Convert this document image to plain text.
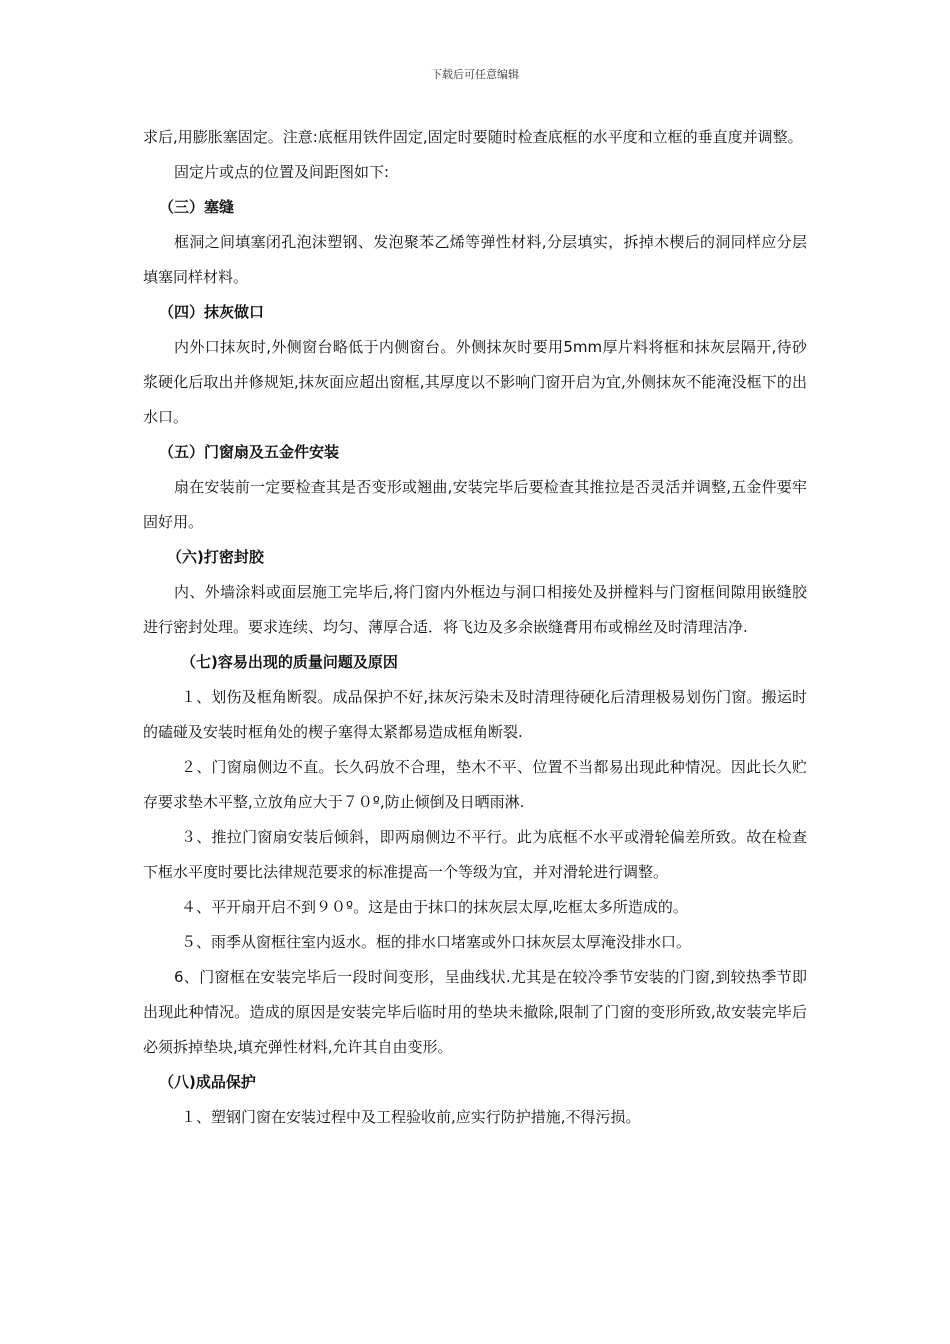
下载后可任意编辑

求后,用膨胀塞固定。注意:底框用铁件固定,固定时要随时检查底框的水平度和立框的垂直度并调整。

固定片或点的位置及间距图如下:

（三）塞缝

框洞之间填塞闭孔泡沫塑钢、发泡聚苯乙烯等弹性材料,分层填实，拆掉木楔后的洞同样应分层填塞同样材料。

（四）抹灰做口

内外口抹灰时,外侧窗台略低于内侧窗台。外侧抹灰时要用5mm厚片料将框和抹灰层隔开,待砂浆硬化后取出并修规矩,抹灰面应超出窗框,其厚度以不影响门窗开启为宜,外侧抹灰不能淹没框下的出水口。

（五）门窗扇及五金件安装

扇在安装前一定要检查其是否变形或翘曲,安装完毕后要检查其推拉是否灵活并调整,五金件要牢固好用。

（六)打密封胶

内、外墙涂料或面层施工完毕后,将门窗内外框边与洞口相接处及拼樘料与门窗框间隙用嵌缝胶进行密封处理。要求连续、均匀、薄厚合适．将飞边及多余嵌缝膏用布或棉丝及时清理洁净.

（七)容易出现的质量问题及原因

１、划伤及框角断裂。成品保护不好,抹灰污染未及时清理待硬化后清理极易划伤门窗。搬运时的磕碰及安装时框角处的楔子塞得太紧都易造成框角断裂.

２、门窗扇侧边不直。长久码放不合理，垫木不平、位置不当都易出现此种情况。因此长久贮存要求垫木平整,立放角应大于７０º,防止倾倒及日晒雨淋.

３、推拉门窗扇安装后倾斜，即两扇侧边不平行。此为底框不水平或滑轮偏差所致。故在检查下框水平度时要比法律规范要求的标准提高一个等级为宜，并对滑轮进行调整。

４、平开扇开启不到９０º。这是由于抹口的抹灰层太厚,吃框太多所造成的。

５、雨季从窗框往室内返水。框的排水口堵塞或外口抹灰层太厚淹没排水口。

6、门窗框在安装完毕后一段时间变形，呈曲线状.尤其是在较冷季节安装的门窗,到较热季节即出现此种情况。造成的原因是安装完毕后临时用的垫块未撤除,限制了门窗的变形所致,故安装完毕后必须拆掉垫块,填充弹性材料,允许其自由变形。

（八)成品保护

１、塑钢门窗在安装过程中及工程验收前,应实行防护措施,不得污损。
